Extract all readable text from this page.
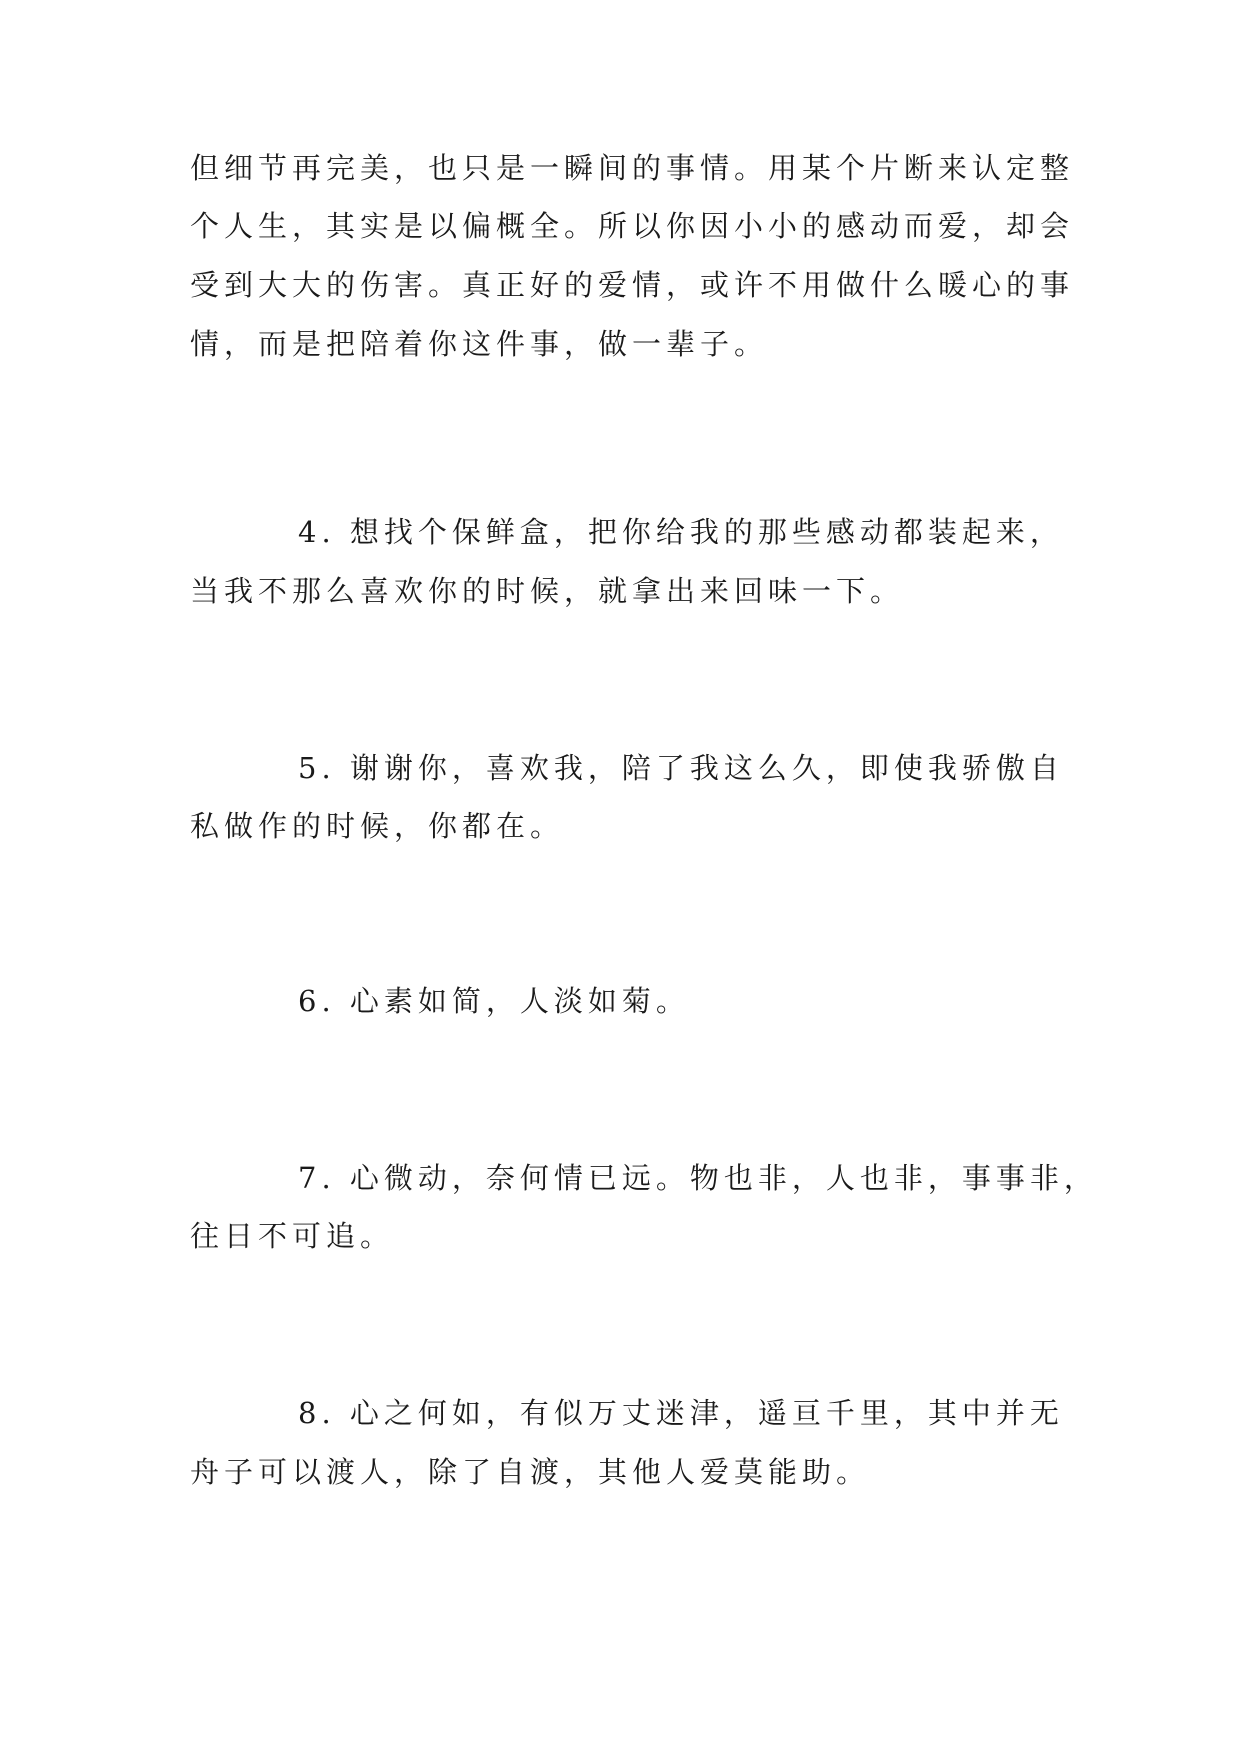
但细节再完美，也只是一瞬间的事情。用某个片断来认定整
个人生，其实是以偏概全。所以你因小小的感动而爱，却会
受到大大的伤害。真正好的爱情，或许不用做什么暖心的事
情，而是把陪着你这件事，做一辈子。
4. 想找个保鲜盒，把你给我的那些感动都装起来，
当我不那么喜欢你的时候，就拿出来回味一下。
5. 谢谢你，喜欢我，陪了我这么久，即使我骄傲自
私做作的时候，你都在。
6. 心素如简，人淡如菊。
7. 心微动，奈何情已远。物也非，人也非，事事非，
往日不可追。
8. 心之何如，有似万丈迷津，遥亘千里，其中并无
舟子可以渡人，除了自渡，其他人爱莫能助。
